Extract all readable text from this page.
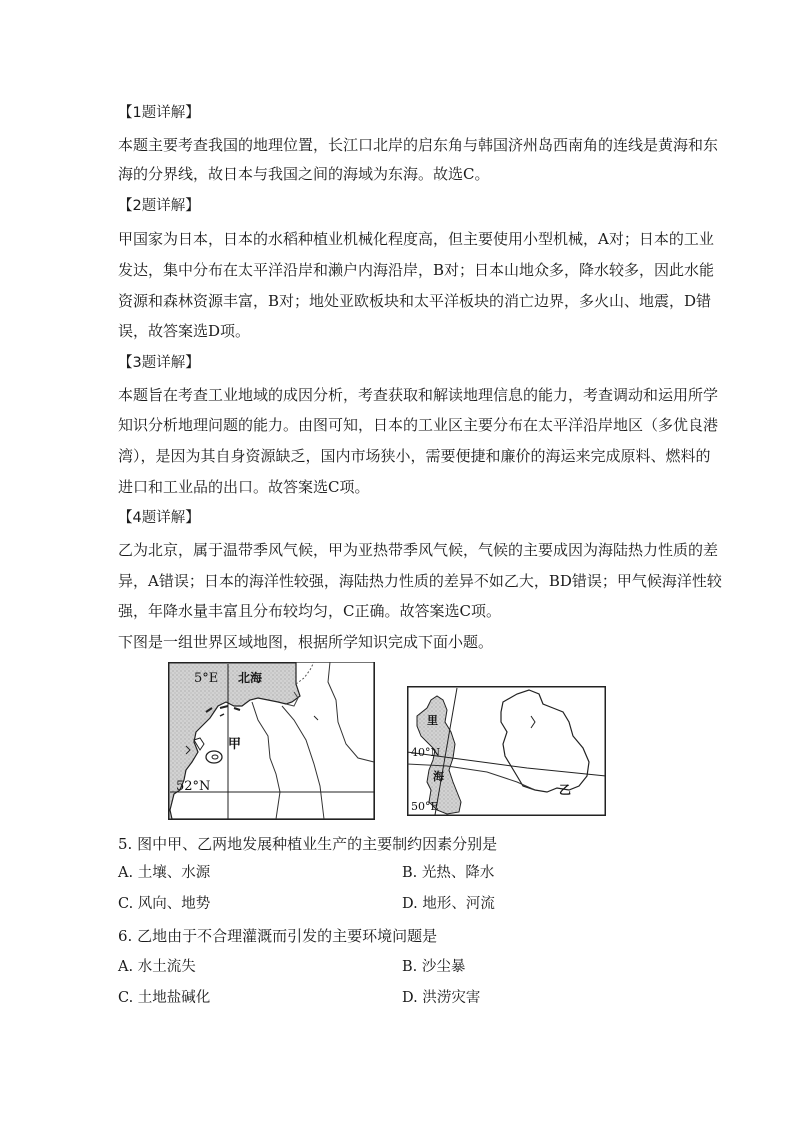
【1题详解】
本题主要考查我国的地理位置，长江口北岸的启东角与韩国济州岛西南角的连线是黄海和东
海的分界线，故日本与我国之间的海域为东海。故选C。
【2题详解】
甲国家为日本，日本的水稻种植业机械化程度高，但主要使用小型机械，A对；日本的工业
发达，集中分布在太平洋沿岸和濑户内海沿岸，B对；日本山地众多，降水较多，因此水能
资源和森林资源丰富，B对；地处亚欧板块和太平洋板块的消亡边界，多火山、地震，D错
误，故答案选D项。
【3题详解】
本题旨在考查工业地域的成因分析，考查获取和解读地理信息的能力，考查调动和运用所学
知识分析地理问题的能力。由图可知，日本的工业区主要分布在太平洋沿岸地区（多优良港
湾），是因为其自身资源缺乏，国内市场狭小，需要便捷和廉价的海运来完成原料、燃料的
进口和工业品的出口。故答案选C项。
【4题详解】
乙为北京，属于温带季风气候，甲为亚热带季风气候，气候的主要成因为海陆热力性质的差
异，A错误；日本的海洋性较强，海陆热力性质的差异不如乙大，BD错误；甲气候海洋性较
强，年降水量丰富且分布较均匀，C正确。故答案选C项。
下图是一组世界区域地图，根据所学知识完成下面小题。
5°E 北海
甲
52°N
里
40°N
海
50°E
乙
5. 图中甲、乙两地发展种植业生产的主要制约因素分别是
A. 土壤、水源	B. 光热、降水
C. 风向、地势	D. 地形、河流
6. 乙地由于不合理灌溉而引发的主要环境问题是
A. 水土流失	B. 沙尘暴
C. 土地盐碱化	D. 洪涝灾害
